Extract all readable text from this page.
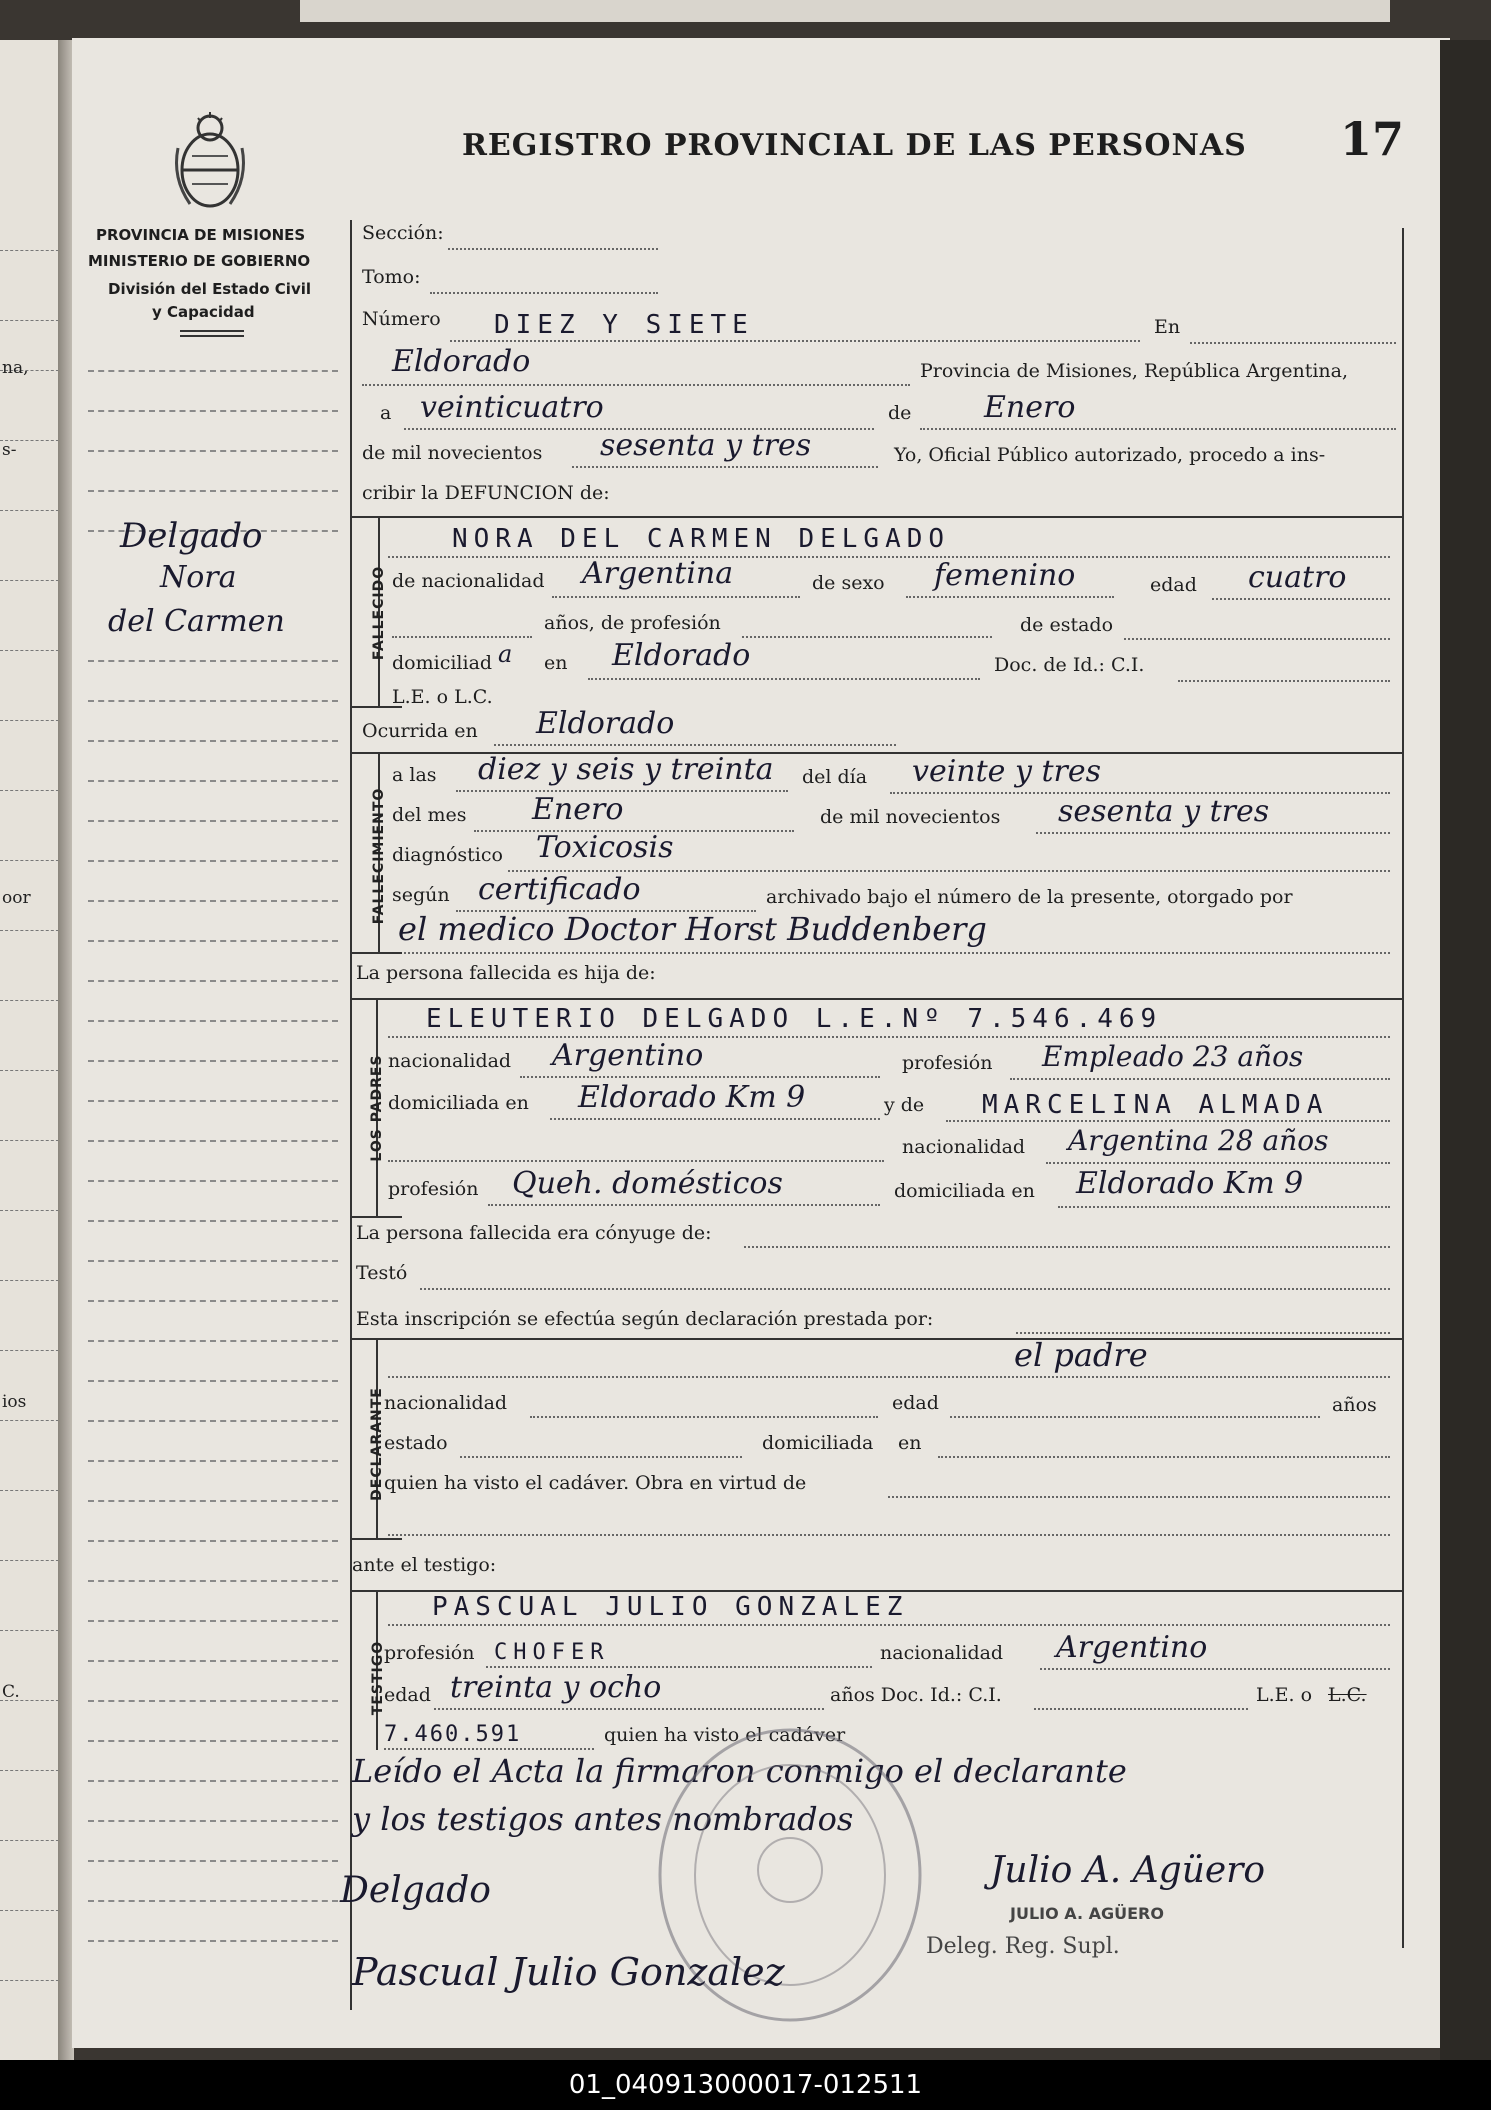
na,
s-
oor
ios
C.
REGISTRO PROVINCIAL DE LAS PERSONAS 17
PROVINCIA DE MISIONES
MINISTERIO DE GOBIERNO
División del Estado Civil
y Capacidad
Delgado
Nora
del Carmen
Sección:
Tomo:
Número DIEZ Y SIETE	En
Eldorado	Provincia de Misiones, República Argentina,
a veinticuatro	de Enero
de mil novecientos sesenta y tres	Yo, Oficial Público autorizado, procedo a ins-
cribir la DEFUNCION de:
FALLECIDO
NORA DEL CARMEN DELGADO
de nacionalidad Argentina	de sexo femenino	edad cuatro
años, de profesión	de estado
domiciliad a en Eldorado	Doc. de Id.: C.I.
L.E. o L.C.
Ocurrida en Eldorado
FALLECIMIENTO
a las diez y seis y treinta del día veinte y tres
del mes Enero	de mil novecientos sesenta y tres
diagnóstico Toxicosis
según certificado	archivado bajo el número de la presente, otorgado por
el medico Doctor Horst Buddenberg
La persona fallecida es hija de:
LOS PADRES
ELEUTERIO DELGADO L.E.Nº 7.546.469
nacionalidad Argentino	profesión Empleado 23 años
domiciliada en Eldorado Km 9	y de MARCELINA ALMADA
nacionalidad Argentina 28 años
profesión Queh. domésticos	domiciliada en Eldorado Km 9
La persona fallecida era cónyuge de:
Testó
Esta inscripción se efectúa según declaración prestada por:
DECLARANTE
el padre
nacionalidad	edad	años
estado	domiciliada en
quien ha visto el cadáver. Obra en virtud de
ante el testigo:
TESTIGO
PASCUAL JULIO GONZALEZ
profesión CHOFER	nacionalidad Argentino
edad treinta y ocho	años Doc. Id.: C.I.	L.E. o L.C.
7.460.591	quien ha visto el cadáver
Leído el Acta la firmaron conmigo el declarante
y los testigos antes nombrados
Delgado
Pascual Julio Gonzalez
Julio A. Agüero
JULIO A. AGÜERO
Deleg. Reg. Supl.
01_040913000017-012511
